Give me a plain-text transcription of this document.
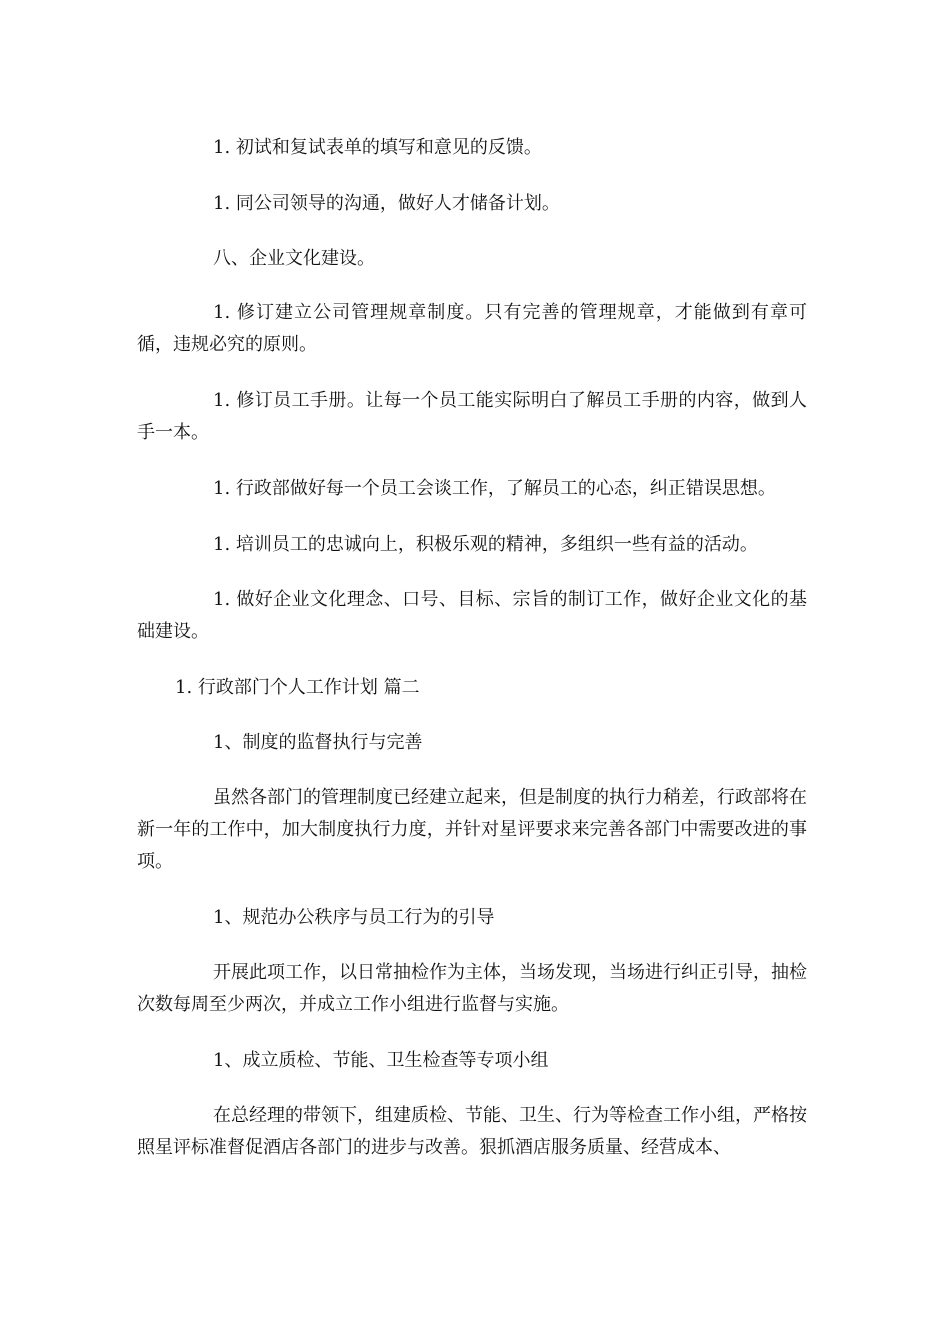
1. 初试和复试表单的填写和意见的反馈。

1. 同公司领导的沟通，做好人才储备计划。

八、企业文化建设。

1. 修订建立公司管理规章制度。只有完善的管理规章，才能做到有章可循，违规必究的原则。

1. 修订员工手册。让每一个员工能实际明白了解员工手册的内容，做到人手一本。

1. 行政部做好每一个员工会谈工作，了解员工的心态，纠正错误思想。

1. 培训员工的忠诚向上，积极乐观的精神，多组织一些有益的活动。

1. 做好企业文化理念、口号、目标、宗旨的制订工作，做好企业文化的基础建设。

1. 行政部门个人工作计划 篇二

1、制度的监督执行与完善

虽然各部门的管理制度已经建立起来，但是制度的执行力稍差，行政部将在新一年的工作中，加大制度执行力度，并针对星评要求来完善各部门中需要改进的事项。

1、规范办公秩序与员工行为的引导

开展此项工作，以日常抽检作为主体，当场发现，当场进行纠正引导，抽检次数每周至少两次，并成立工作小组进行监督与实施。

1、成立质检、节能、卫生检查等专项小组

在总经理的带领下，组建质检、节能、卫生、行为等检查工作小组，严格按照星评标准督促酒店各部门的进步与改善。狠抓酒店服务质量、经营成本、
